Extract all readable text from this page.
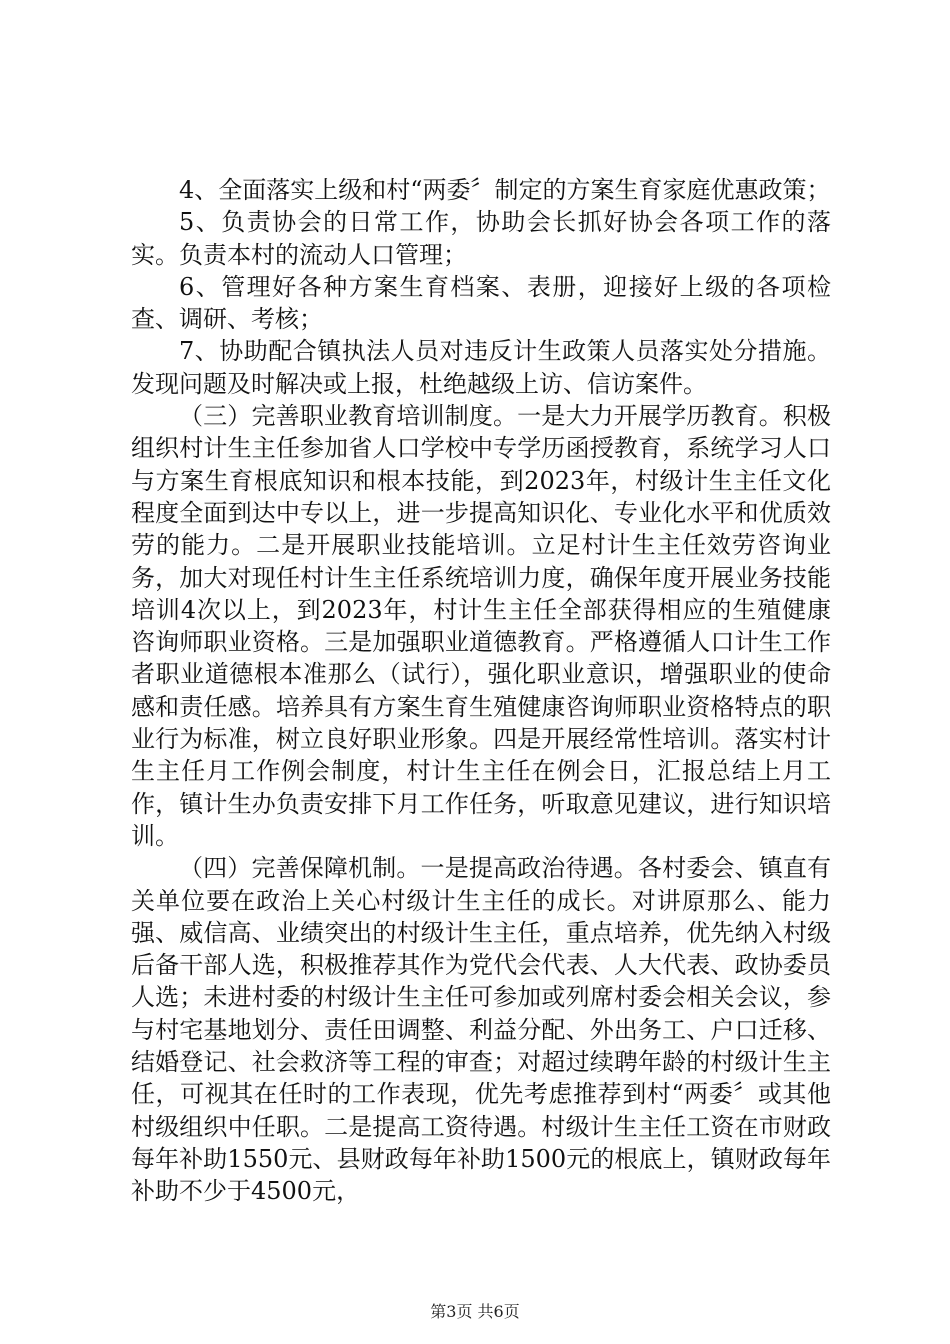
4、全面落实上级和村“两委〞制定的方案生育家庭优惠政策；

5、负责协会的日常工作，协助会长抓好协会各项工作的落实。负责本村的流动人口管理；

6、管理好各种方案生育档案、表册，迎接好上级的各项检查、调研、考核；

7、协助配合镇执法人员对违反计生政策人员落实处分措施。发现问题及时解决或上报，杜绝越级上访、信访案件。

（三）完善职业教育培训制度。一是大力开展学历教育。积极组织村计生主任参加省人口学校中专学历函授教育，系统学习人口与方案生育根底知识和根本技能，到2023年，村级计生主任文化程度全面到达中专以上，进一步提高知识化、专业化水平和优质效劳的能力。二是开展职业技能培训。立足村计生主任效劳咨询业务，加大对现任村计生主任系统培训力度，确保年度开展业务技能培训4次以上，到2023年，村计生主任全部获得相应的生殖健康咨询师职业资格。三是加强职业道德教育。严格遵循人口计生工作者职业道德根本准那么（试行），强化职业意识，增强职业的使命感和责任感。培养具有方案生育生殖健康咨询师职业资格特点的职业行为标准，树立良好职业形象。四是开展经常性培训。落实村计生主任月工作例会制度，村计生主任在例会日，汇报总结上月工作，镇计生办负责安排下月工作任务，听取意见建议，进行知识培训。

（四）完善保障机制。一是提高政治待遇。各村委会、镇直有关单位要在政治上关心村级计生主任的成长。对讲原那么、能力强、威信高、业绩突出的村级计生主任，重点培养，优先纳入村级后备干部人选，积极推荐其作为党代会代表、人大代表、政协委员人选；未进村委的村级计生主任可参加或列席村委会相关会议，参与村宅基地划分、责任田调整、利益分配、外出务工、户口迁移、结婚登记、社会救济等工程的审查；对超过续聘年龄的村级计生主任，可视其在任时的工作表现，优先考虑推荐到村“两委〞或其他村级组织中任职。二是提高工资待遇。村级计生主任工资在市财政每年补助1550元、县财政每年补助1500元的根底上，镇财政每年补助不少于4500元，

第3页 共6页
